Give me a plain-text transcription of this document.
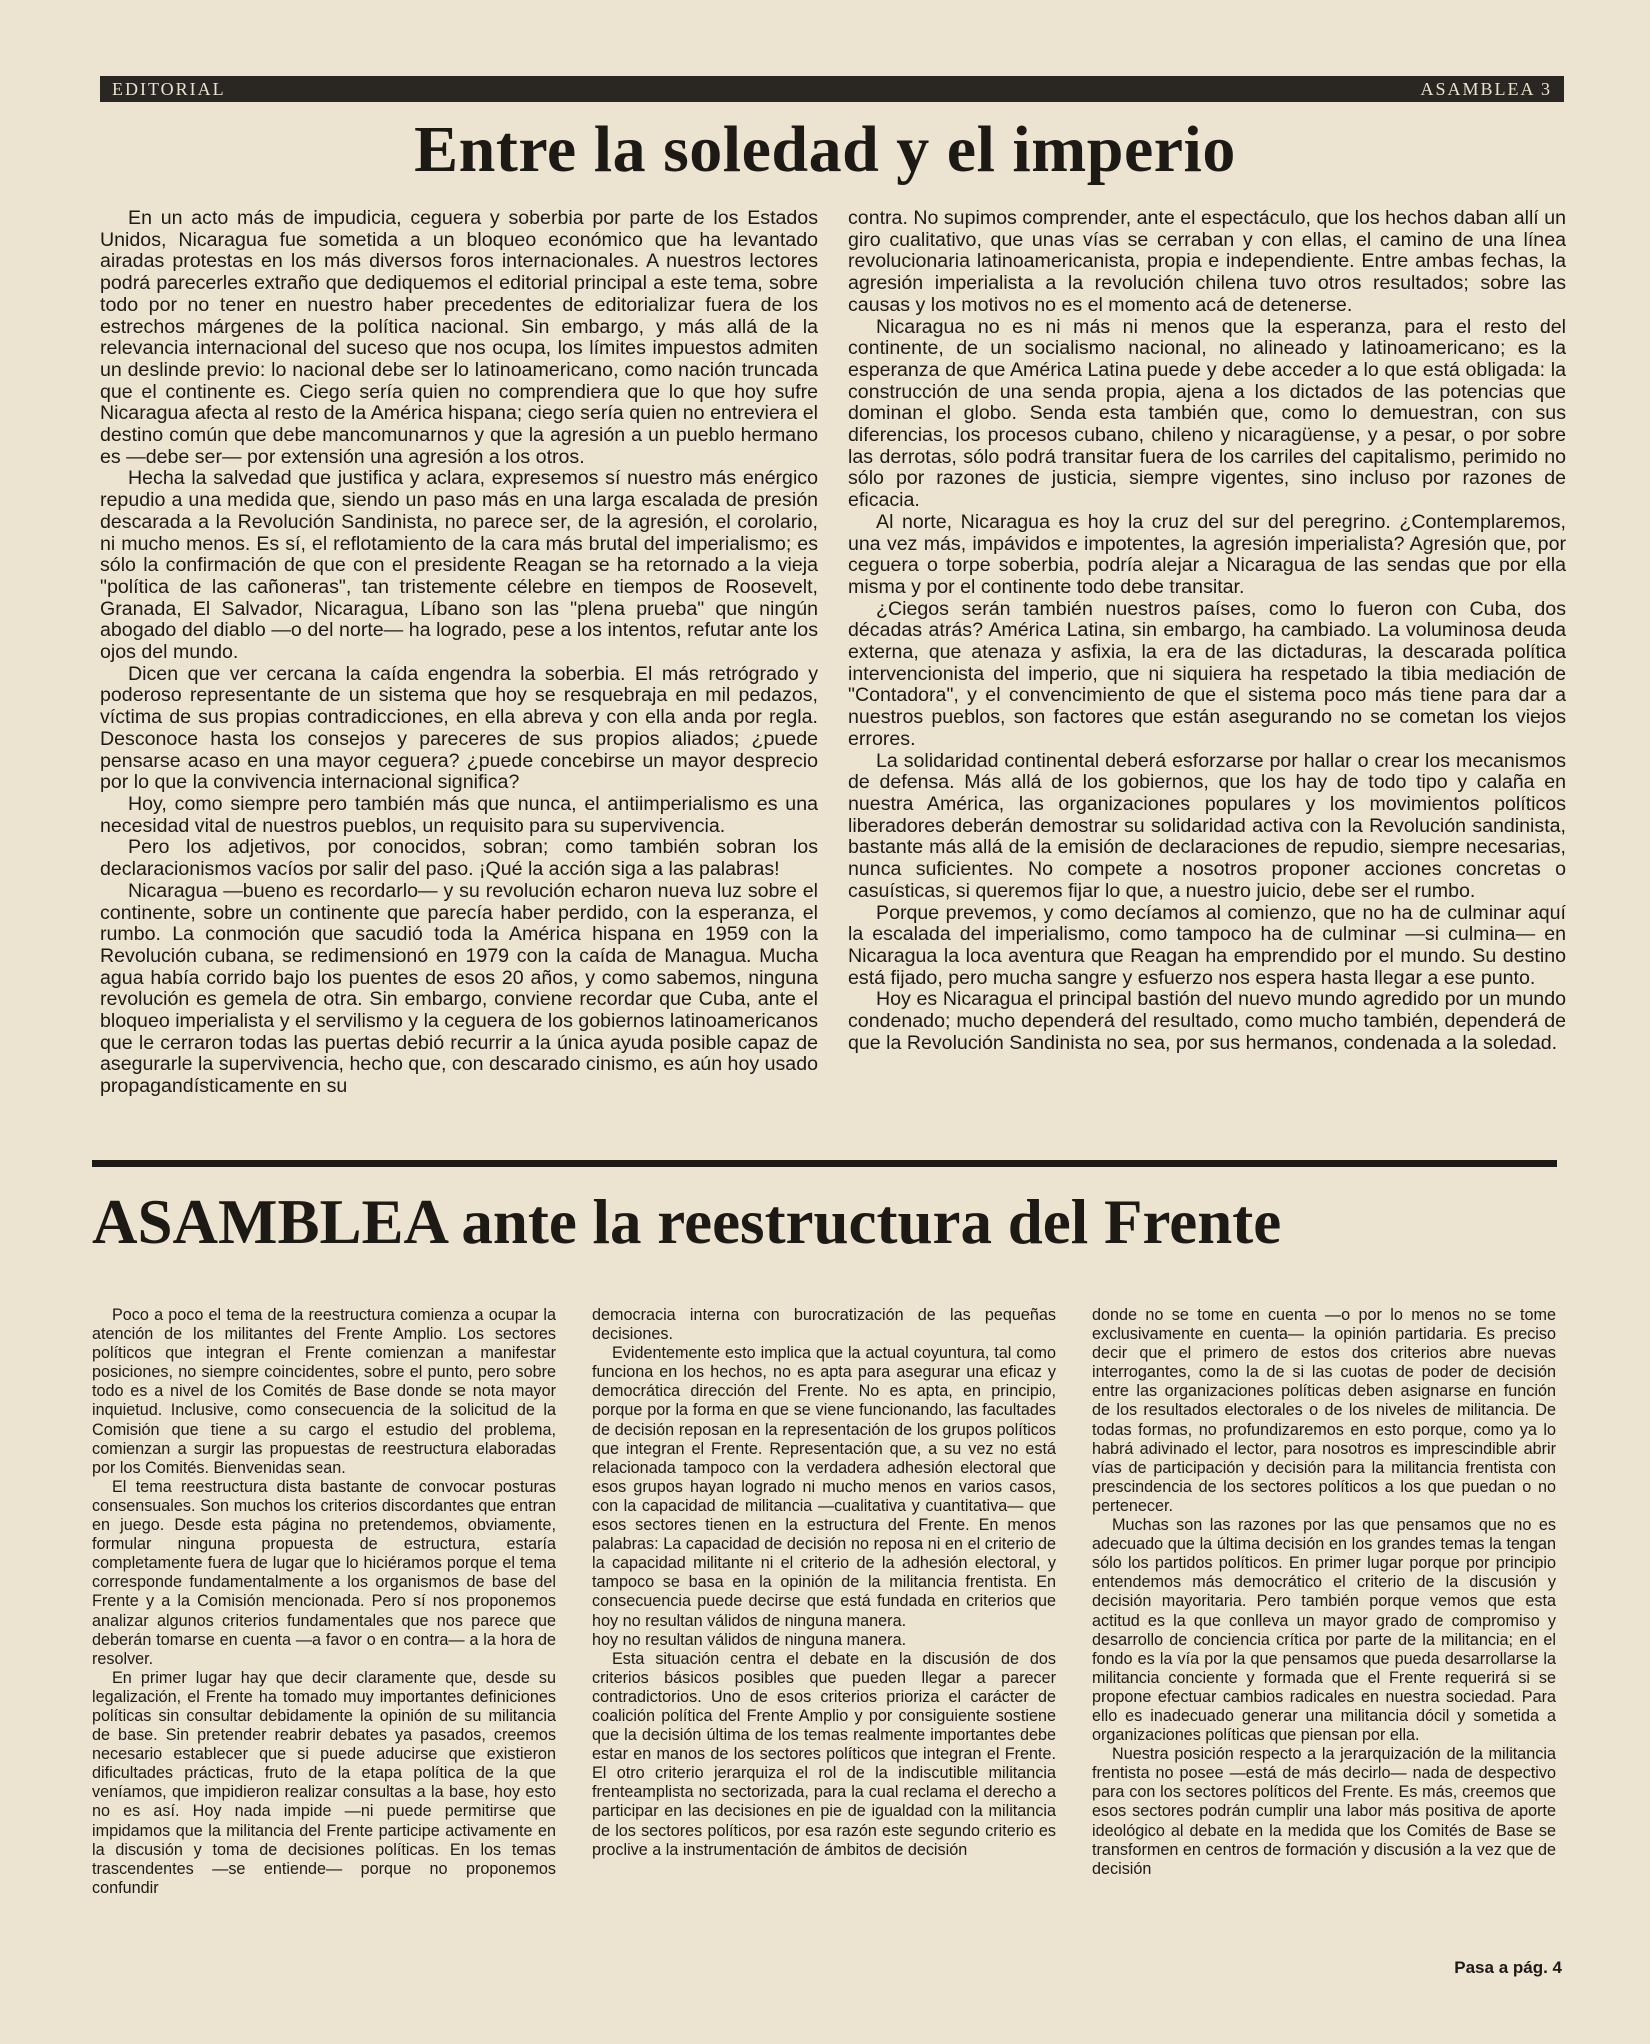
EDITORIAL	ASAMBLEA 3
Entre la soledad y el imperio

En un acto más de impudicia, ceguera y soberbia por parte de los Estados Unidos, Nicaragua fue sometida a un bloqueo económico que ha levantado airadas protestas en los más diversos foros internacionales. A nuestros lectores podrá parecerles extraño que dediquemos el editorial principal a este tema, sobre todo por no tener en nuestro haber precedentes de editorializar fuera de los estrechos márgenes de la política nacional. Sin embargo, y más allá de la relevancia internacional del suceso que nos ocupa, los límites impuestos admiten un deslinde previo: lo nacional debe ser lo latinoamericano, como nación truncada que el continente es. Ciego sería quien no comprendiera que lo que hoy sufre Nicaragua afecta al resto de la América hispana; ciego sería quien no entreviera el destino común que debe mancomunarnos y que la agresión a un pueblo hermano es —debe ser— por extensión una agresión a los otros.

Hecha la salvedad que justifica y aclara, expresemos sí nuestro más enérgico repudio a una medida que, siendo un paso más en una larga escalada de presión descarada a la Revolución Sandinista, no parece ser, de la agresión, el corolario, ni mucho menos. Es sí, el reflotamiento de la cara más brutal del imperialismo; es sólo la confirmación de que con el presidente Reagan se ha retornado a la vieja "política de las cañoneras", tan tristemente célebre en tiempos de Roosevelt, Granada, El Salvador, Nicaragua, Líbano son las "plena prueba" que ningún abogado del diablo —o del norte— ha logrado, pese a los intentos, refutar ante los ojos del mundo.

Dicen que ver cercana la caída engendra la soberbia. El más retrógrado y poderoso representante de un sistema que hoy se resquebraja en mil pedazos, víctima de sus propias contradicciones, en ella abreva y con ella anda por regla. Desconoce hasta los consejos y pareceres de sus propios aliados; ¿puede pensarse acaso en una mayor ceguera? ¿puede concebirse un mayor desprecio por lo que la convivencia internacional significa?

Hoy, como siempre pero también más que nunca, el antiimperialismo es una necesidad vital de nuestros pueblos, un requisito para su supervivencia.

Pero los adjetivos, por conocidos, sobran; como también sobran los declaracionismos vacíos por salir del paso. ¡Qué la acción siga a las palabras!

Nicaragua —bueno es recordarlo— y su revolución echaron nueva luz sobre el continente, sobre un continente que parecía haber perdido, con la esperanza, el rumbo. La conmoción que sacudió toda la América hispana en 1959 con la Revolución cubana, se redimensionó en 1979 con la caída de Managua. Mucha agua había corrido bajo los puentes de esos 20 años, y como sabemos, ninguna revolución es gemela de otra. Sin embargo, conviene recordar que Cuba, ante el bloqueo imperialista y el servilismo y la ceguera de los gobiernos latinoamericanos que le cerraron todas las puertas debió recurrir a la única ayuda posible capaz de asegurarle la supervivencia, hecho que, con descarado cinismo, es aún hoy usado propagandísticamente en su

contra. No supimos comprender, ante el espectáculo, que los hechos daban allí un giro cualitativo, que unas vías se cerraban y con ellas, el camino de una línea revolucionaria latinoamericanista, propia e independiente. Entre ambas fechas, la agresión imperialista a la revolución chilena tuvo otros resultados; sobre las causas y los motivos no es el momento acá de detenerse.

Nicaragua no es ni más ni menos que la esperanza, para el resto del continente, de un socialismo nacional, no alineado y latinoamericano; es la esperanza de que América Latina puede y debe acceder a lo que está obligada: la construcción de una senda propia, ajena a los dictados de las potencias que dominan el globo. Senda esta también que, como lo demuestran, con sus diferencias, los procesos cubano, chileno y nicaragüense, y a pesar, o por sobre las derrotas, sólo podrá transitar fuera de los carriles del capitalismo, perimido no sólo por razones de justicia, siempre vigentes, sino incluso por razones de eficacia.

Al norte, Nicaragua es hoy la cruz del sur del peregrino. ¿Contemplaremos, una vez más, impávidos e impotentes, la agresión imperialista? Agresión que, por ceguera o torpe soberbia, podría alejar a Nicaragua de las sendas que por ella misma y por el continente todo debe transitar.

¿Ciegos serán también nuestros países, como lo fueron con Cuba, dos décadas atrás? América Latina, sin embargo, ha cambiado. La voluminosa deuda externa, que atenaza y asfixia, la era de las dictaduras, la descarada política intervencionista del imperio, que ni siquiera ha respetado la tibia mediación de "Contadora", y el convencimiento de que el sistema poco más tiene para dar a nuestros pueblos, son factores que están asegurando no se cometan los viejos errores.

La solidaridad continental deberá esforzarse por hallar o crear los mecanismos de defensa. Más allá de los gobiernos, que los hay de todo tipo y calaña en nuestra América, las organizaciones populares y los movimientos políticos liberadores deberán demostrar su solidaridad activa con la Revolución sandinista, bastante más allá de la emisión de declaraciones de repudio, siempre necesarias, nunca suficientes. No compete a nosotros proponer acciones concretas o casuísticas, si queremos fijar lo que, a nuestro juicio, debe ser el rumbo.

Porque prevemos, y como decíamos al comienzo, que no ha de culminar aquí la escalada del imperialismo, como tampoco ha de culminar —si culmina— en Nicaragua la loca aventura que Reagan ha emprendido por el mundo. Su destino está fijado, pero mucha sangre y esfuerzo nos espera hasta llegar a ese punto.

Hoy es Nicaragua el principal bastión del nuevo mundo agredido por un mundo condenado; mucho dependerá del resultado, como mucho también, dependerá de que la Revolución Sandinista no sea, por sus hermanos, condenada a la soledad.

ASAMBLEA ante la reestructura del Frente

Poco a poco el tema de la reestructura comienza a ocupar la atención de los militantes del Frente Amplio. Los sectores políticos que integran el Frente comienzan a manifestar posiciones, no siempre coincidentes, sobre el punto, pero sobre todo es a nivel de los Comités de Base donde se nota mayor inquietud. Inclusive, como consecuencia de la solicitud de la Comisión que tiene a su cargo el estudio del problema, comienzan a surgir las propuestas de reestructura elaboradas por los Comités. Bienvenidas sean.

El tema reestructura dista bastante de convocar posturas consensuales. Son muchos los criterios discordantes que entran en juego. Desde esta página no pretendemos, obviamente, formular ninguna propuesta de estructura, estaría completamente fuera de lugar que lo hiciéramos porque el tema corresponde fundamentalmente a los organismos de base del Frente y a la Comisión mencionada. Pero sí nos proponemos analizar algunos criterios fundamentales que nos parece que deberán tomarse en cuenta —a favor o en contra— a la hora de resolver.

En primer lugar hay que decir claramente que, desde su legalización, el Frente ha tomado muy importantes definiciones políticas sin consultar debidamente la opinión de su militancia de base. Sin pretender reabrir debates ya pasados, creemos necesario establecer que si puede aducirse que existieron dificultades prácticas, fruto de la etapa política de la que veníamos, que impidieron realizar consultas a la base, hoy esto no es así. Hoy nada impide —ni puede permitirse que impidamos que la militancia del Frente participe activamente en la discusión y toma de decisiones políticas. En los temas trascendentes —se entiende— porque no proponemos confundir

democracia interna con burocratización de las pequeñas decisiones.

Evidentemente esto implica que la actual coyuntura, tal como funciona en los hechos, no es apta para asegurar una eficaz y democrática dirección del Frente. No es apta, en principio, porque por la forma en que se viene funcionando, las facultades de decisión reposan en la representación de los grupos políticos que integran el Frente. Representación que, a su vez no está relacionada tampoco con la verdadera adhesión electoral que esos grupos hayan logrado ni mucho menos en varios casos, con la capacidad de militancia —cualitativa y cuantitativa— que esos sectores tienen en la estructura del Frente. En menos palabras: La capacidad de decisión no reposa ni en el criterio de la capacidad militante ni el criterio de la adhesión electoral, y tampoco se basa en la opinión de la militancia frentista. En consecuencia puede decirse que está fundada en criterios que hoy no resultan válidos de ninguna manera.

hoy no resultan válidos de ninguna manera.

Esta situación centra el debate en la discusión de dos criterios básicos posibles que pueden llegar a parecer contradictorios. Uno de esos criterios prioriza el carácter de coalición política del Frente Amplio y por consiguiente sostiene que la decisión última de los temas realmente importantes debe estar en manos de los sectores políticos que integran el Frente. El otro criterio jerarquiza el rol de la indiscutible militancia frenteamplista no sectorizada, para la cual reclama el derecho a participar en las decisiones en pie de igualdad con la militancia de los sectores políticos, por esa razón este segundo criterio es proclive a la instrumentación de ámbitos de decisión

donde no se tome en cuenta —o por lo menos no se tome exclusivamente en cuenta— la opinión partidaria. Es preciso decir que el primero de estos dos criterios abre nuevas interrogantes, como la de si las cuotas de poder de decisión entre las organizaciones políticas deben asignarse en función de los resultados electorales o de los niveles de militancia. De todas formas, no profundizaremos en esto porque, como ya lo habrá adivinado el lector, para nosotros es imprescindible abrir vías de participación y decisión para la militancia frentista con prescindencia de los sectores políticos a los que puedan o no pertenecer.

Muchas son las razones por las que pensamos que no es adecuado que la última decisión en los grandes temas la tengan sólo los partidos políticos. En primer lugar porque por principio entendemos más democrático el criterio de la discusión y decisión mayoritaria. Pero también porque vemos que esta actitud es la que conlleva un mayor grado de compromiso y desarrollo de conciencia crítica por parte de la militancia; en el fondo es la vía por la que pensamos que pueda desarrollarse la militancia conciente y formada que el Frente requerirá si se propone efectuar cambios radicales en nuestra sociedad. Para ello es inadecuado generar una militancia dócil y sometida a organizaciones políticas que piensan por ella.

Nuestra posición respecto a la jerarquización de la militancia frentista no posee —está de más decirlo— nada de despectivo para con los sectores políticos del Frente. Es más, creemos que esos sectores podrán cumplir una labor más positiva de aporte ideológico al debate en la medida que los Comités de Base se transformen en centros de formación y discusión a la vez que de decisión

Pasa a pág. 4
